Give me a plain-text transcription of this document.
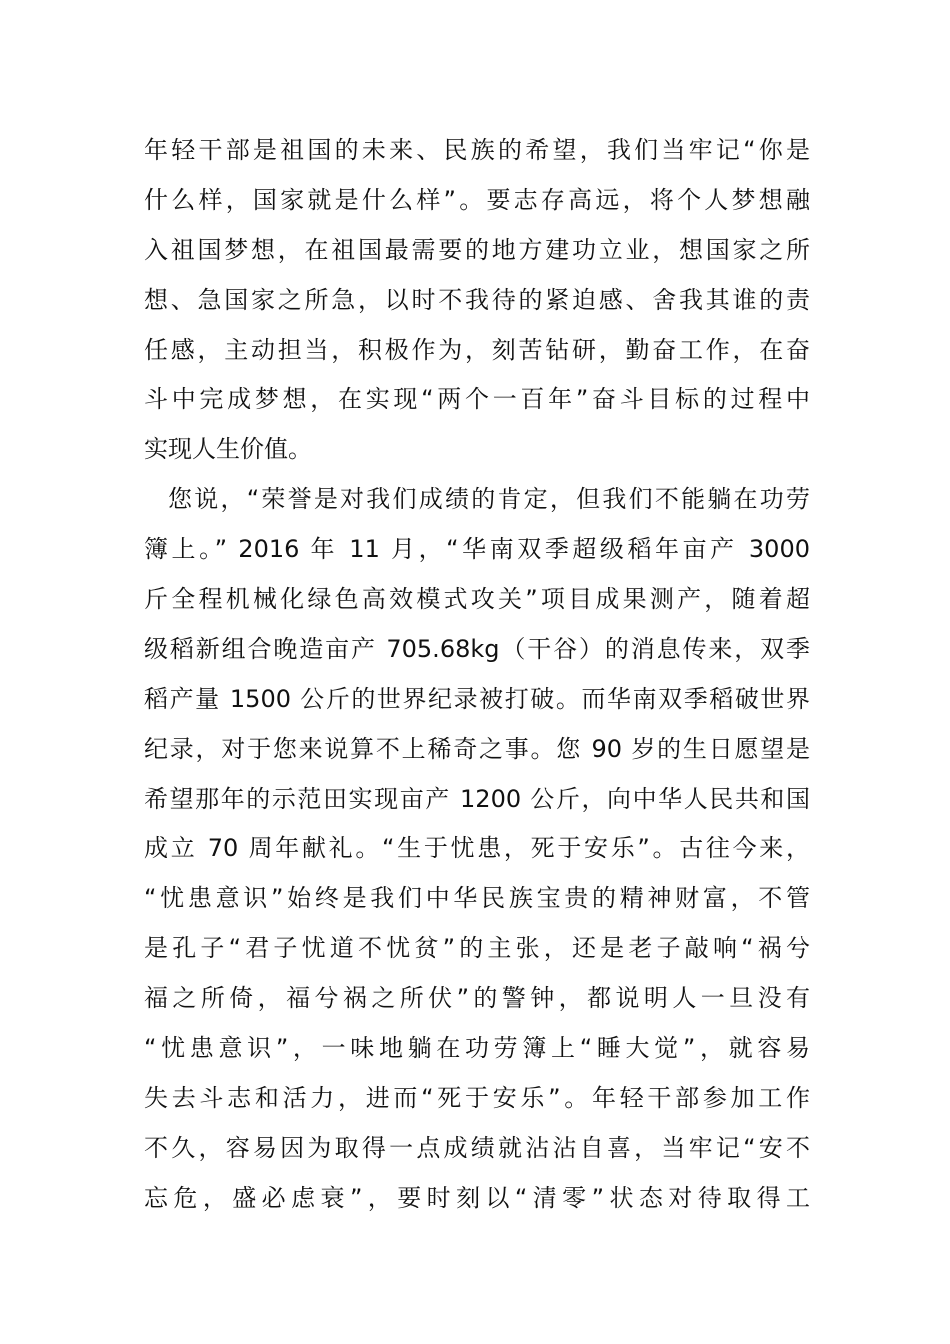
年轻干部是祖国的未来、民族的希望，我们当牢记“你是
什么样，国家就是什么样”。要志存高远，将个人梦想融
入祖国梦想，在祖国最需要的地方建功立业，想国家之所
想、急国家之所急，以时不我待的紧迫感、舍我其谁的责
任感，主动担当，积极作为，刻苦钻研，勤奋工作，在奋
斗中完成梦想，在实现“两个一百年”奋斗目标的过程中
实现人生价值。
您说，“荣誉是对我们成绩的肯定，但我们不能躺在功劳
簿上。” 2016 年 11 月，“华南双季超级稻年亩产 3000
斤全程机械化绿色高效模式攻关”项目成果测产，随着超
级稻新组合晚造亩产 705.68kg（干谷）的消息传来，双季
稻产量 1500 公斤的世界纪录被打破。而华南双季稻破世界
纪录，对于您来说算不上稀奇之事。您 90 岁的生日愿望是
希望那年的示范田实现亩产 1200 公斤，向中华人民共和国
成立 70 周年献礼。“生于忧患，死于安乐”。古往今来，
“忧患意识”始终是我们中华民族宝贵的精神财富，不管
是孔子“君子忧道不忧贫”的主张，还是老子敲响“祸兮
福之所倚，福兮祸之所伏”的警钟，都说明人一旦没有
“忧患意识”，一味地躺在功劳簿上“睡大觉”，就容易
失去斗志和活力，进而“死于安乐”。年轻干部参加工作
不久，容易因为取得一点成绩就沾沾自喜，当牢记“安不
忘危，盛必虑衰”，要时刻以“清零”状态对待取得工
